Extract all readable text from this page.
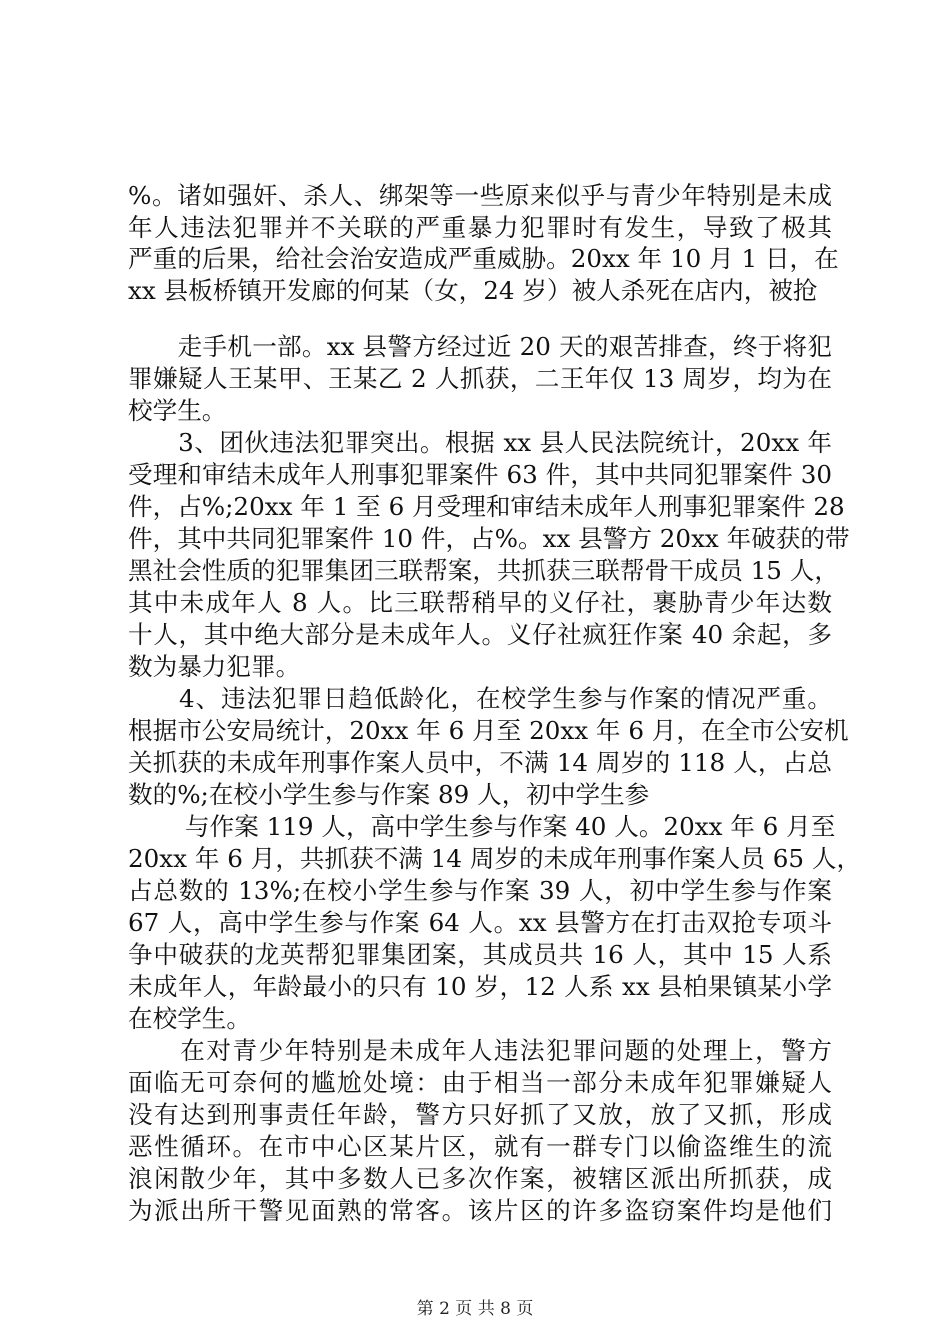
%。诸如强奸、杀人、绑架等一些原来似乎与青少年特别是未成
年人违法犯罪并不关联的严重暴力犯罪时有发生，导致了极其
严重的后果，给社会治安造成严重威胁。20xx 年 10 月 1 日，在
xx 县板桥镇开发廊的何某（女，24 岁）被人杀死在店内，被抢
　　走手机一部。xx 县警方经过近 20 天的艰苦排查，终于将犯
罪嫌疑人王某甲、王某乙 2 人抓获，二王年仅 13 周岁，均为在
校学生。
　　3、团伙违法犯罪突出。根据 xx 县人民法院统计，20xx 年
受理和审结未成年人刑事犯罪案件 63 件，其中共同犯罪案件 30
件，占%;20xx 年 1 至 6 月受理和审结未成年人刑事犯罪案件 28
件，其中共同犯罪案件 10 件，占%。xx 县警方 20xx 年破获的带
黑社会性质的犯罪集团三联帮案，共抓获三联帮骨干成员 15 人，
其中未成年人 8 人。比三联帮稍早的义仔社，裹胁青少年达数
十人，其中绝大部分是未成年人。义仔社疯狂作案 40 余起，多
数为暴力犯罪。
　　4、违法犯罪日趋低龄化，在校学生参与作案的情况严重。
根据市公安局统计，20xx 年 6 月至 20xx 年 6 月，在全市公安机
关抓获的未成年刑事作案人员中，不满 14 周岁的 118 人，占总
数的%;在校小学生参与作案 89 人，初中学生参
　　 与作案 119 人，高中学生参与作案 40 人。20xx 年 6 月至
20xx 年 6 月，共抓获不满 14 周岁的未成年刑事作案人员 65 人，
占总数的 13%;在校小学生参与作案 39 人，初中学生参与作案
67 人，高中学生参与作案 64 人。xx 县警方在打击双抢专项斗
争中破获的龙英帮犯罪集团案，其成员共 16 人，其中 15 人系
未成年人，年龄最小的只有 10 岁，12 人系 xx 县柏果镇某小学
在校学生。
　　在对青少年特别是未成年人违法犯罪问题的处理上，警方
面临无可奈何的尴尬处境：由于相当一部分未成年犯罪嫌疑人
没有达到刑事责任年龄，警方只好抓了又放，放了又抓，形成
恶性循环。在市中心区某片区，就有一群专门以偷盗维生的流
浪闲散少年，其中多数人已多次作案，被辖区派出所抓获，成
为派出所干警见面熟的常客。该片区的许多盗窃案件均是他们
第 2 页 共 8 页
